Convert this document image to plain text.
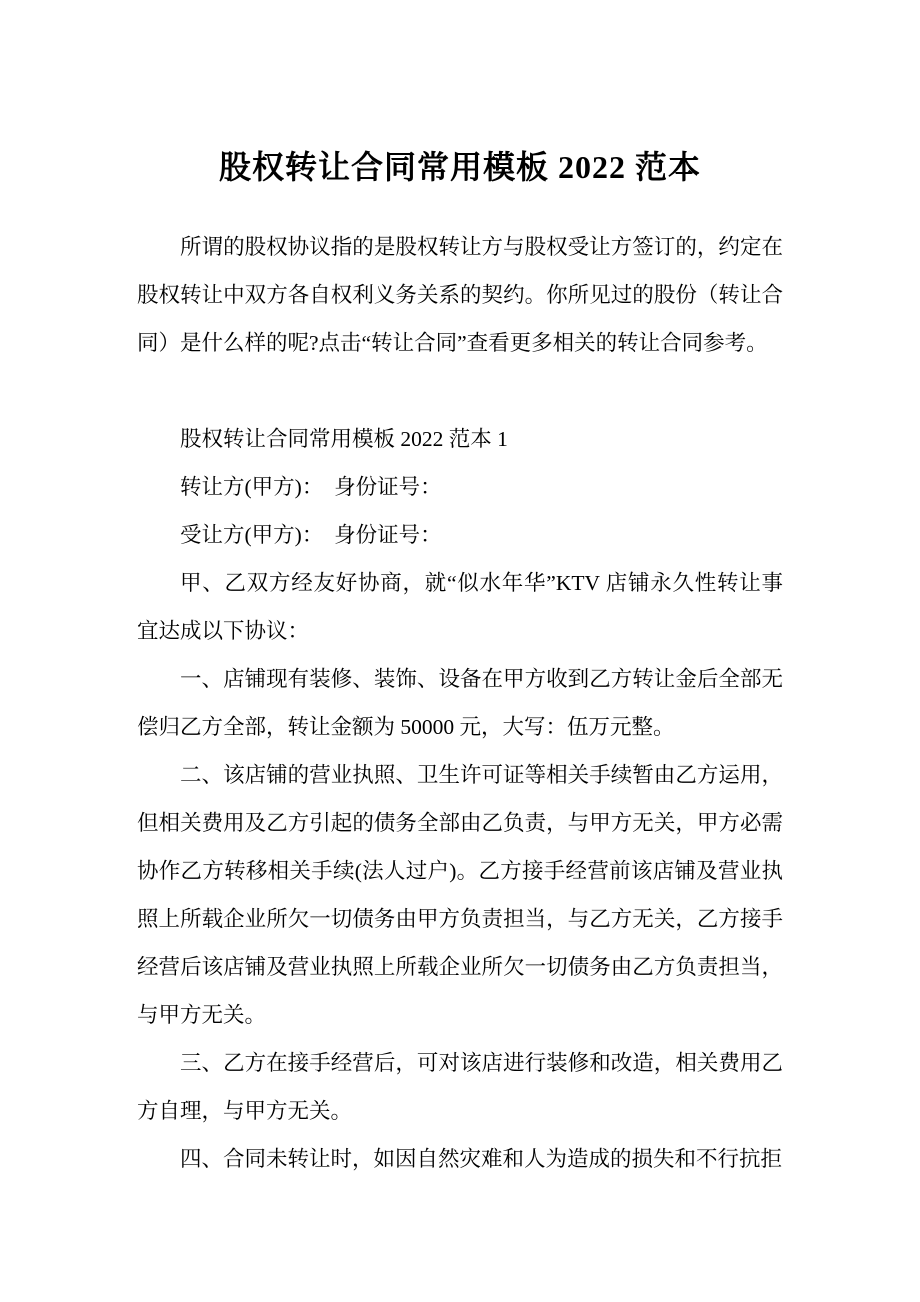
股权转让合同常用模板 2022 范本

所谓的股权协议指的是股权转让方与股权受让方签订的，约定在股权转让中双方各自权利义务关系的契约。你所见过的股份（转让合同）是什么样的呢?点击“转让合同”查看更多相关的转让合同参考。

股权转让合同常用模板 2022 范本 1

转让方(甲方)：　身份证号：

受让方(甲方)：　身份证号：

甲、乙双方经友好协商，就“似水年华”KTV 店铺永久性转让事宜达成以下协议：

一、店铺现有装修、装饰、设备在甲方收到乙方转让金后全部无偿归乙方全部，转让金额为 50000 元，大写：伍万元整。

二、该店铺的营业执照、卫生许可证等相关手续暂由乙方运用，但相关费用及乙方引起的债务全部由乙负责，与甲方无关，甲方必需协作乙方转移相关手续(法人过户)。乙方接手经营前该店铺及营业执照上所载企业所欠一切债务由甲方负责担当，与乙方无关，乙方接手经营后该店铺及营业执照上所载企业所欠一切债务由乙方负责担当，与甲方无关。

三、乙方在接手经营后，可对该店进行装修和改造，相关费用乙方自理，与甲方无关。

四、合同未转让时，如因自然灾难和人为造成的损失和不行抗拒
